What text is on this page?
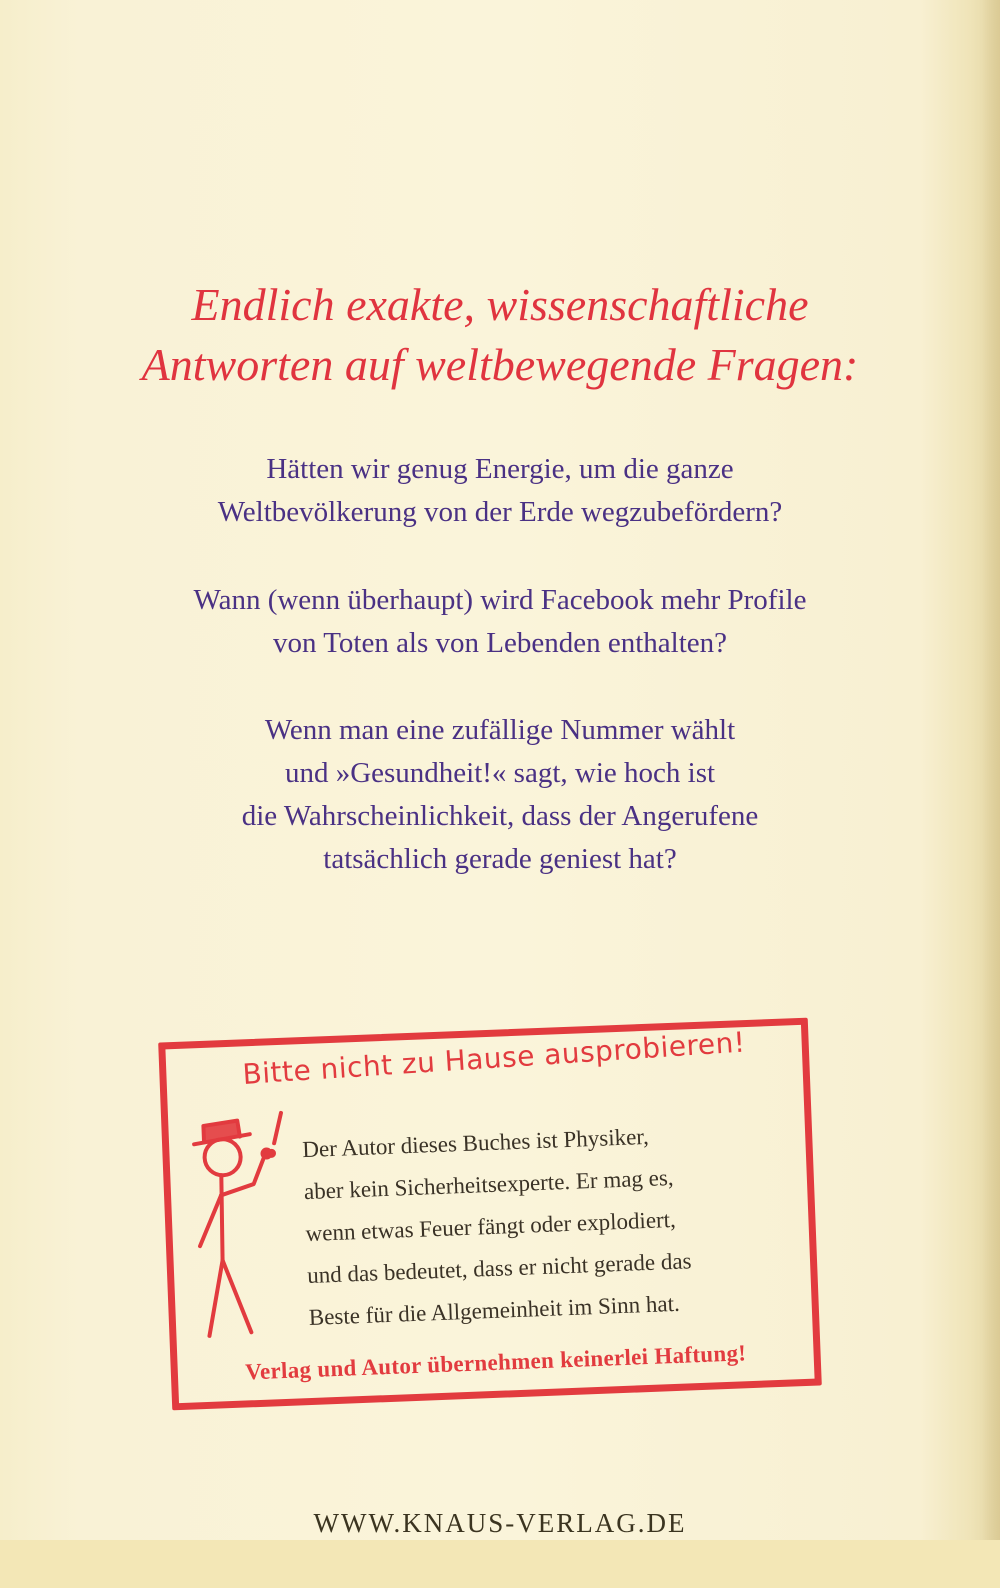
Endlich exakte, wissenschaftliche
Antworten auf weltbewegende Fragen:
Hätten wir genug Energie, um die ganze
Weltbevölkerung von der Erde wegzubefördern?
Wann (wenn überhaupt) wird Facebook mehr Profile
von Toten als von Lebenden enthalten?
Wenn man eine zufällige Nummer wählt
und »Gesundheit!« sagt, wie hoch ist
die Wahrscheinlichkeit, dass der Angerufene
tatsächlich gerade geniest hat?
Bitte nicht zu Hause ausprobieren!
Der Autor dieses Buches ist Physiker,
aber kein Sicherheitsexperte. Er mag es,
wenn etwas Feuer fängt oder explodiert,
und das bedeutet, dass er nicht gerade das
Beste für die Allgemeinheit im Sinn hat.
Verlag und Autor übernehmen keinerlei Haftung!
WWW.KNAUS-VERLAG.DE
